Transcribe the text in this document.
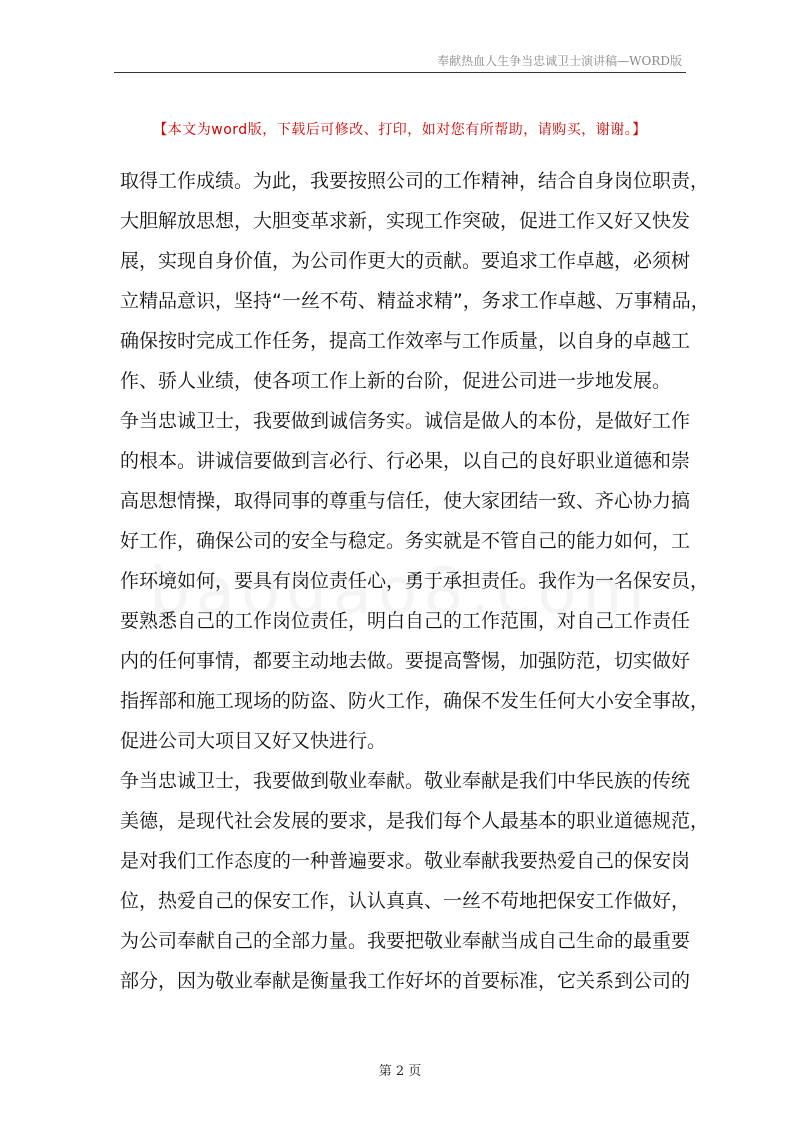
奉献热血人生争当忠诚卫士演讲稿—WORD版
【本文为word版，下载后可修改、打印，如对您有所帮助，请购买，谢谢。】

取得工作成绩。为此，我要按照公司的工作精神，结合自身岗位职责，
大胆解放思想，大胆变革求新，实现工作突破，促进工作又好又快发
展，实现自身价值，为公司作更大的贡献。要追求工作卓越，必须树
立精品意识，坚持“一丝不苟、精益求精”，务求工作卓越、万事精品，
确保按时完成工作任务，提高工作效率与工作质量，以自身的卓越工
作、骄人业绩，使各项工作上新的台阶，促进公司进一步地发展。

争当忠诚卫士，我要做到诚信务实。诚信是做人的本份，是做好工作
的根本。讲诚信要做到言必行、行必果，以自己的良好职业道德和崇
高思想情操，取得同事的尊重与信任，使大家团结一致、齐心协力搞
好工作，确保公司的安全与稳定。务实就是不管自己的能力如何，工
作环境如何，要具有岗位责任心，勇于承担责任。我作为一名保安员，
要熟悉自己的工作岗位责任，明白自己的工作范围，对自己工作责任
内的任何事情，都要主动地去做。要提高警惕，加强防范，切实做好
指挥部和施工现场的防盗、防火工作，确保不发生任何大小安全事故，
促进公司大项目又好又快进行。

争当忠诚卫士，我要做到敬业奉献。敬业奉献是我们中华民族的传统
美德，是现代社会发展的要求，是我们每个人最基本的职业道德规范，
是对我们工作态度的一种普遍要求。敬业奉献我要热爱自己的保安岗
位，热爱自己的保安工作，认认真真、一丝不苟地把保安工作做好，
为公司奉献自己的全部力量。我要把敬业奉献当成自己生命的最重要
部分，因为敬业奉献是衡量我工作好坏的首要标准，它关系到公司的

第 2 页
